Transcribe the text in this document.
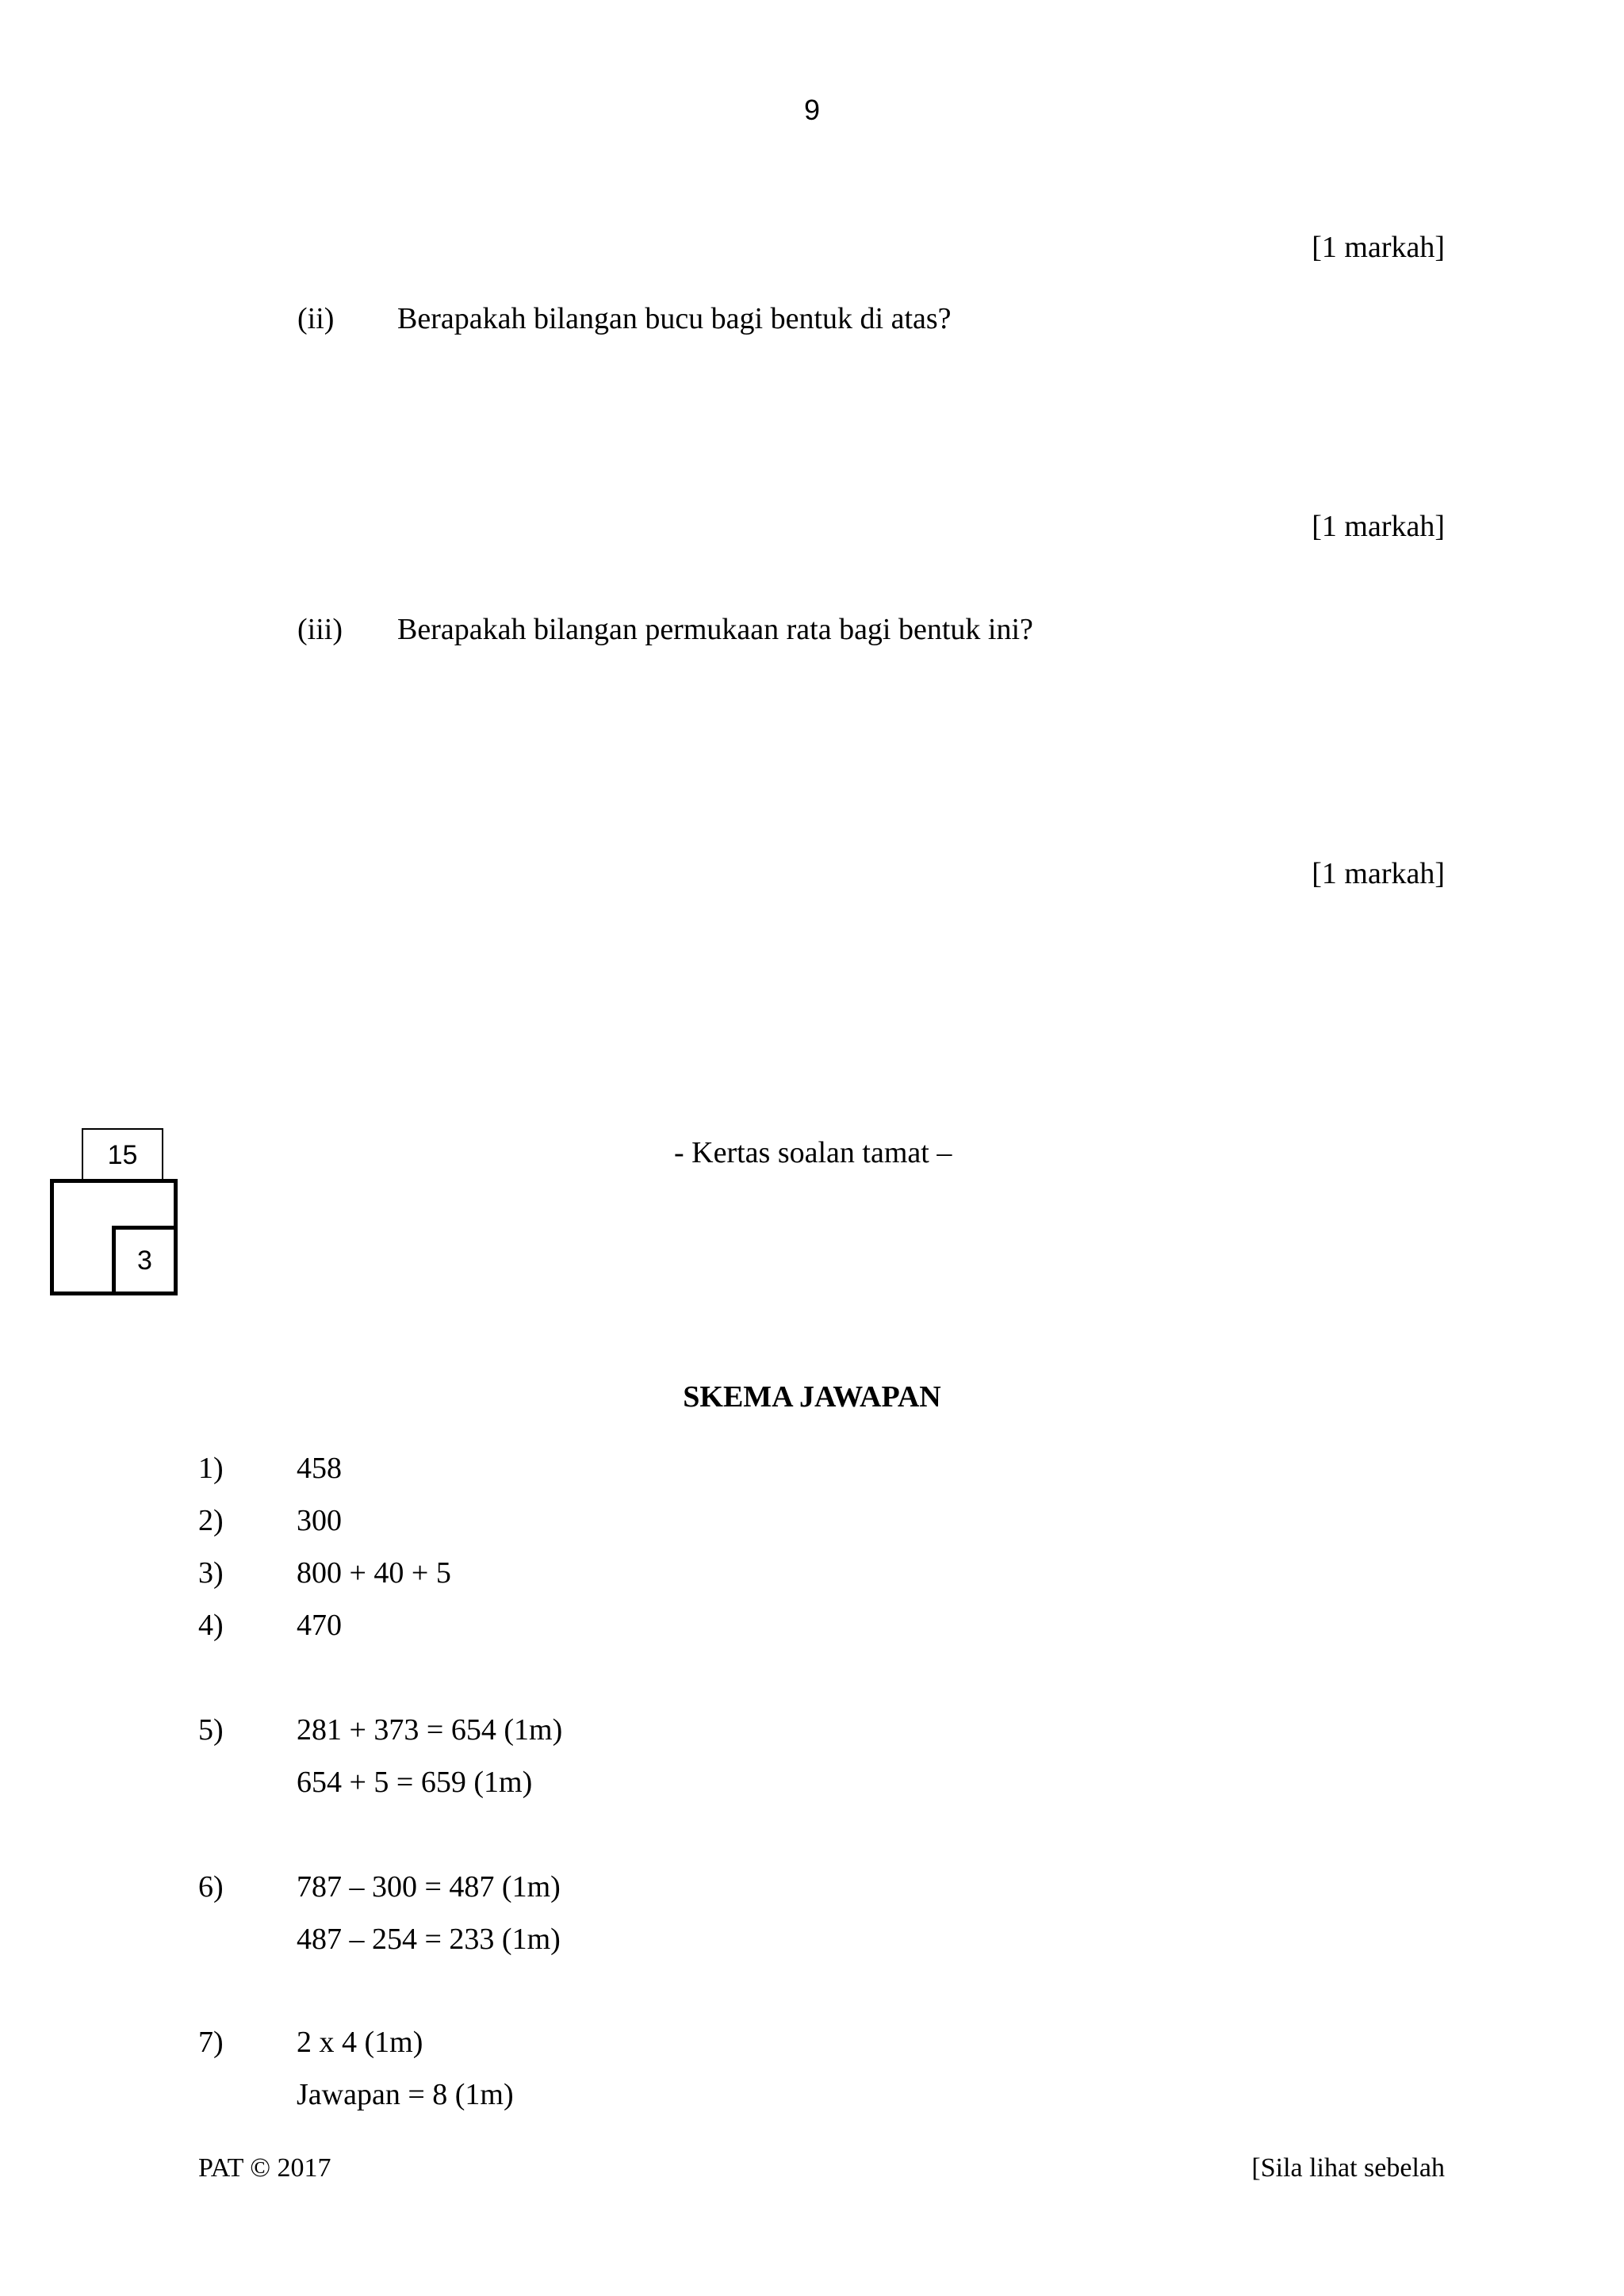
9
[1 markah]
(ii) Berapakah bilangan bucu bagi bentuk di atas?
[1 markah]
(iii) Berapakah bilangan permukaan rata bagi bentuk ini?
[1 markah]
15
3
- Kertas soalan tamat –
SKEMA JAWAPAN
1) 458
2) 300
3) 800 + 40 + 5
4) 470
5) 281 + 373 = 654 (1m)
654 + 5 = 659 (1m)
6) 787 – 300 = 487 (1m)
487 – 254 = 233 (1m)
7) 2 x 4 (1m)
Jawapan = 8 (1m)
PAT © 2017	[Sila lihat sebelah
